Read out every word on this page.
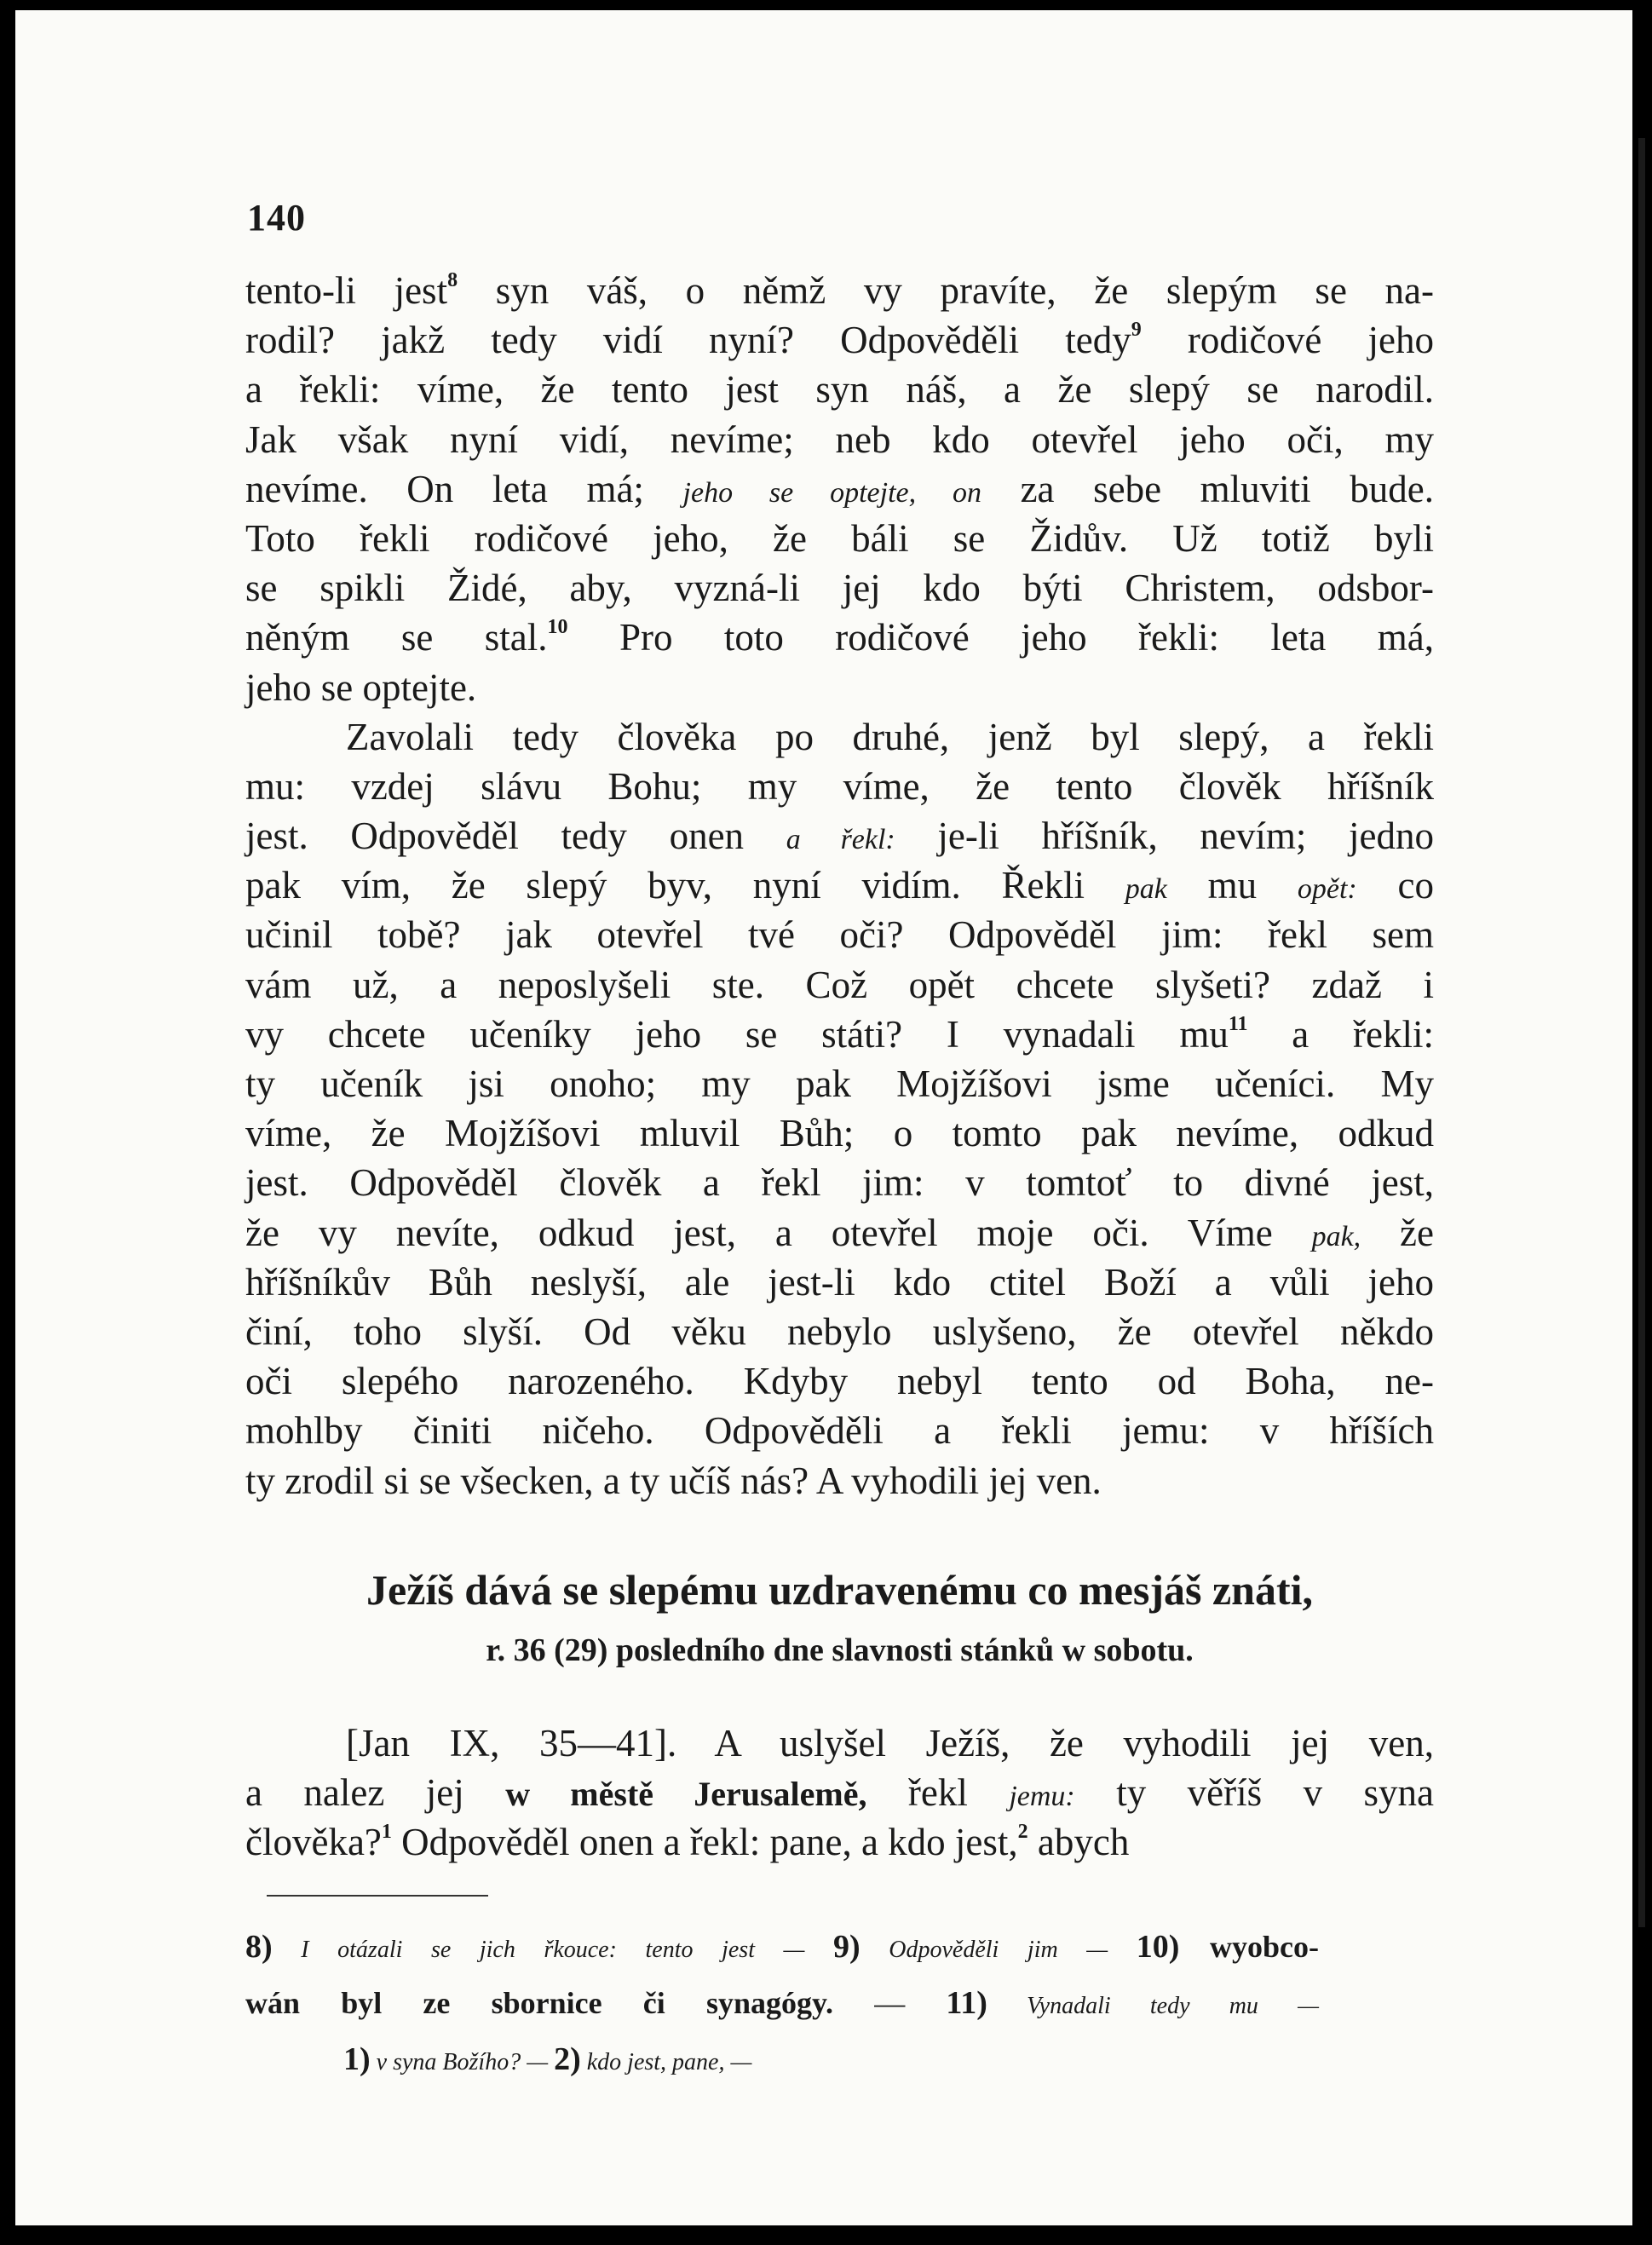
140
tento-li jest$^8$ syn váš, o němž vy pravíte, že slepým se na-
rodil? jakž tedy vidí nyní? Odpověděli tedy$^9$ rodičové jeho
a řekli: víme, že tento jest syn náš, a že slepý se narodil.
Jak však nyní vidí, nevíme; neb kdo otevřel jeho oči, my
nevíme. On leta má; jeho se optejte, on za sebe mluviti bude.
Toto řekli rodičové jeho, že báli se Židův. Už totiž byli
se spikli Židé, aby, vyzná-li jej kdo býti Christem, odsbor-
něným se stal.$^{10}$ Pro toto rodičové jeho řekli: leta má,
jeho se optejte.
Zavolali tedy člověka po druhé, jenž byl slepý, a řekli
mu: vzdej slávu Bohu; my víme, že tento člověk hříšník
jest. Odpověděl tedy onen a řekl: je-li hříšník, nevím; jedno
pak vím, že slepý byv, nyní vidím. Řekli pak mu opět: co
učinil tobě? jak otevřel tvé oči? Odpověděl jim: řekl sem
vám už, a neposlyšeli ste. Což opět chcete slyšeti? zdaž i
vy chcete učeníky jeho se státi? I vynadali $mu^{11}$ a řekli:
ty učeník jsi onoho; my pak Mojžíšovi jsme učeníci. My
víme, že Mojžíšovi mluvil Bůh; o tomto pak nevíme, odkud
jest. Odpověděl člověk a řekl jim: v tomtoť to divné jest,
že vy nevíte, odkud jest, a otevřel moje oči. Víme pak, že
hříšníkův Bůh neslyší, ale jest-li kdo ctitel Boží a vůli jeho
činí, toho slyší. Od věku nebylo uslyšeno, že otevřel někdo
oči slepého narozeného. Kdyby nebyl tento od Boha, ne-
mohlby činiti ničeho. Odpověděli a řekli jemu: v hříších
ty zrodil si se všecken, a ty učíš nás? A vyhodili jej ven.
Ježíš dává se slepému uzdravenému co mesjáš znáti,
r. 36 (29) posledního dne slavnosti stánků w sobotu.
[Jan IX, 35—41]. A uslyšel Ježíš, že vyhodili jej ven,
a nalez jej w městě Jerusalemě, řekl jemu: ty věříš v syna
člověka?$^1$ Odpověděl onen a řekl: pane, a kdo jest,$^2$ abych
8) I otázali se jich řkouce: tento jest — 9) Odpověděli jim — 10) wyobco-
wán byl ze sbornice či synagógy. — 11) Vynadali tedy mu —
1) v syna Božího? — 2) kdo jest, pane, —
